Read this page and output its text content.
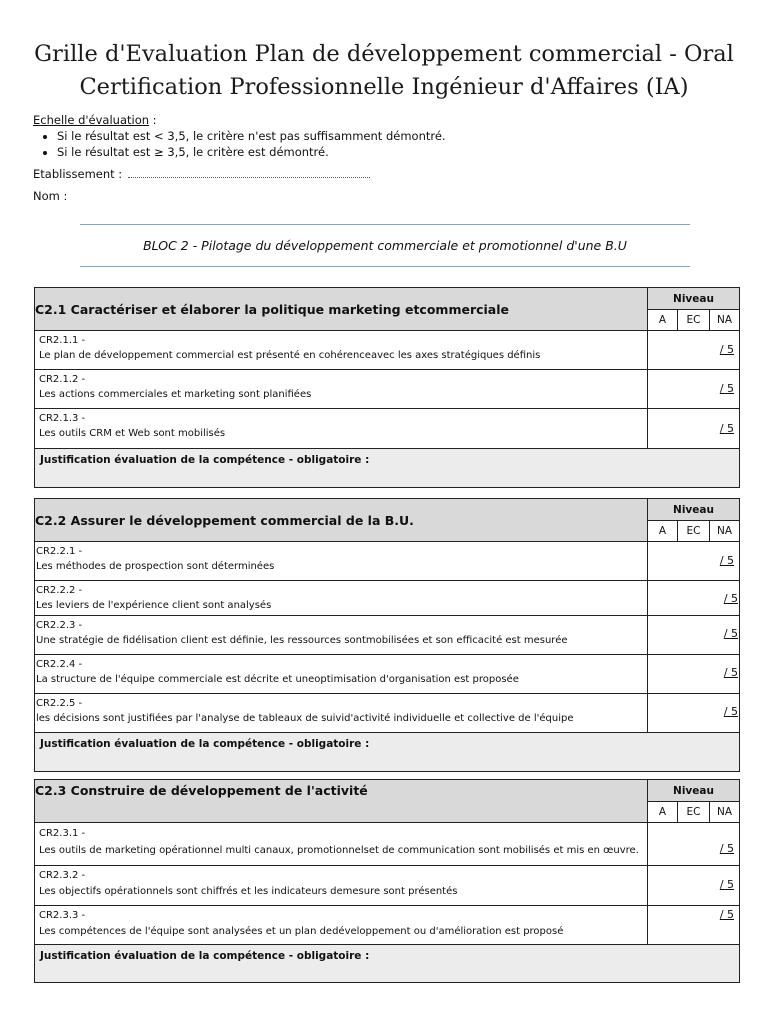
Grille d'Evaluation Plan de développement commercial - Oral
Certification Professionnelle Ingénieur d'Affaires (IA)
Echelle d'évaluation :
• Si le résultat est < 3,5, le critère n'est pas suffisamment démontré.
• Si le résultat est ≥ 3,5, le critère est démontré.
Etablissement :
Nom :
BLOC 2 - Pilotage du développement commerciale et promotionnel d'une B.U
C2.1 Caractériser et élaborer la politique marketing etcommerciale	Niveau		
	A	EC	NA

CR2.1.1 -
Le plan de développement commercial est présenté en cohérenceavec les axes stratégiques définis	/ 5		

CR2.1.2 -
Les actions commerciales et marketing sont planifiées	/ 5		

CR2.1.3 -
Les outils CRM et Web sont mobilisés	/ 5		

Justification évaluation de la compétence - obligatoire :			
C2.2 Assurer le développement commercial de la B.U.	Niveau		
	A	EC	NA

CR2.2.1 -
Les méthodes de prospection sont déterminées	/ 5		

CR2.2.2 -
Les leviers de l'expérience client sont analysés	/ 5		

CR2.2.3 -
Une stratégie de fidélisation client est définie, les ressources sontmobilisées et son efficacité est mesurée	/ 5		

CR2.2.4 -
La structure de l'équipe commerciale est décrite et uneoptimisation d'organisation est proposée	/ 5		

CR2.2.5 -
les décisions sont justifiées par l'analyse de tableaux de suivid'activité individuelle et collective de l'équipe	/ 5		

Justification évaluation de la compétence - obligatoire :			
C2.3 Construire de développement de l'activité	Niveau		
	A	EC	NA

CR2.3.1 -
Les outils de marketing opérationnel multi canaux, promotionnelset de communication sont mobilisés et mis en œuvre.	/ 5		

CR2.3.2 -
Les objectifs opérationnels sont chiffrés et les indicateurs demesure sont présentés	/ 5		

CR2.3.3 -
Les compétences de l'équipe sont analysées et un plan dedéveloppement ou d'amélioration est proposé	/ 5		

Justification évaluation de la compétence - obligatoire :			
